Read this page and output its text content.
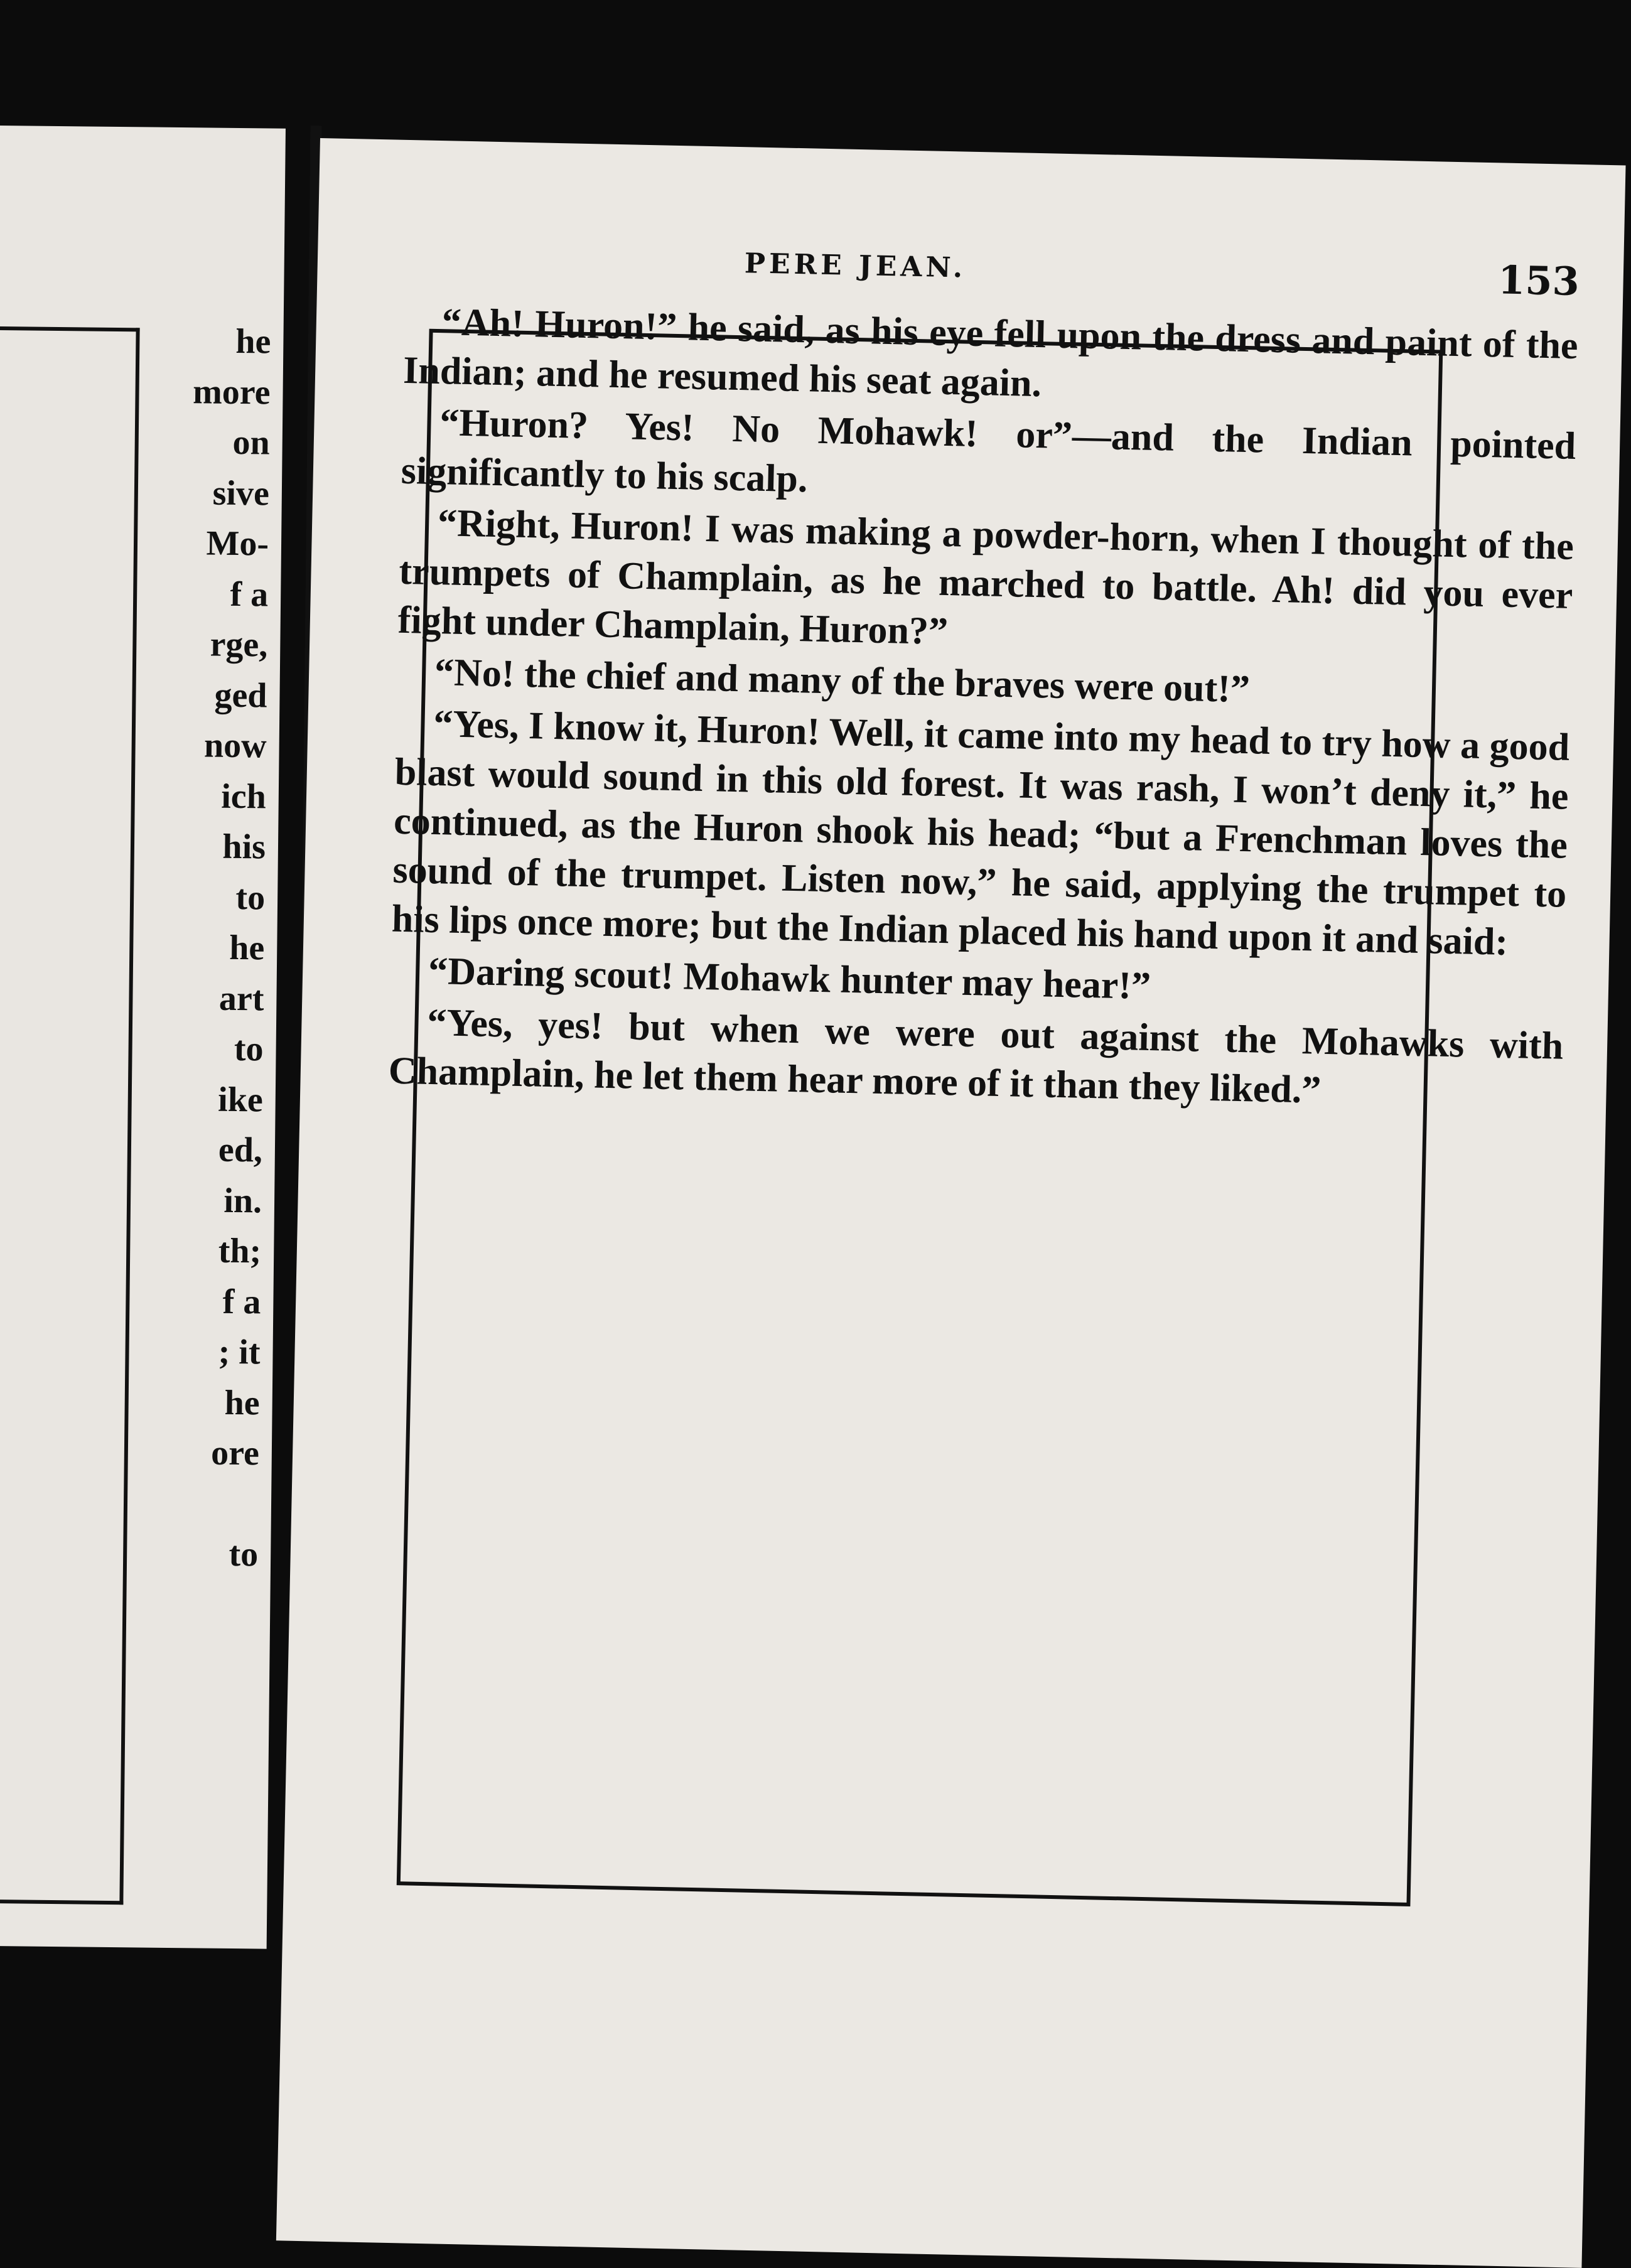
he
more
on
sive
Mo-
f a
rge,
ged
now
ich
his
to
he
art
to
ike
ed,
in.
th;
f a
; it
he
ore

to
PERE JEAN.	153

“Ah! Huron!” he said, as his eye fell upon the dress and paint of the Indian; and he resumed his seat again.

“Huron? Yes! No Mohawk! or”—and the Indian pointed significantly to his scalp.

“Right, Huron! I was making a powder-horn, when I thought of the trumpets of Champlain, as he marched to battle. Ah! did you ever fight under Champlain, Huron?”

“No! the chief and many of the braves were out!”

“Yes, I know it, Huron! Well, it came into my head to try how a good blast would sound in this old forest. It was rash, I won’t deny it,” he continued, as the Huron shook his head; “but a Frenchman loves the sound of the trumpet. Listen now,” he said, applying the trumpet to his lips once more; but the Indian placed his hand upon it and said:

“Daring scout! Mohawk hunter may hear!”

“Yes, yes! but when we were out against the Mohawks with Champlain, he let them hear more of it than they liked.”
